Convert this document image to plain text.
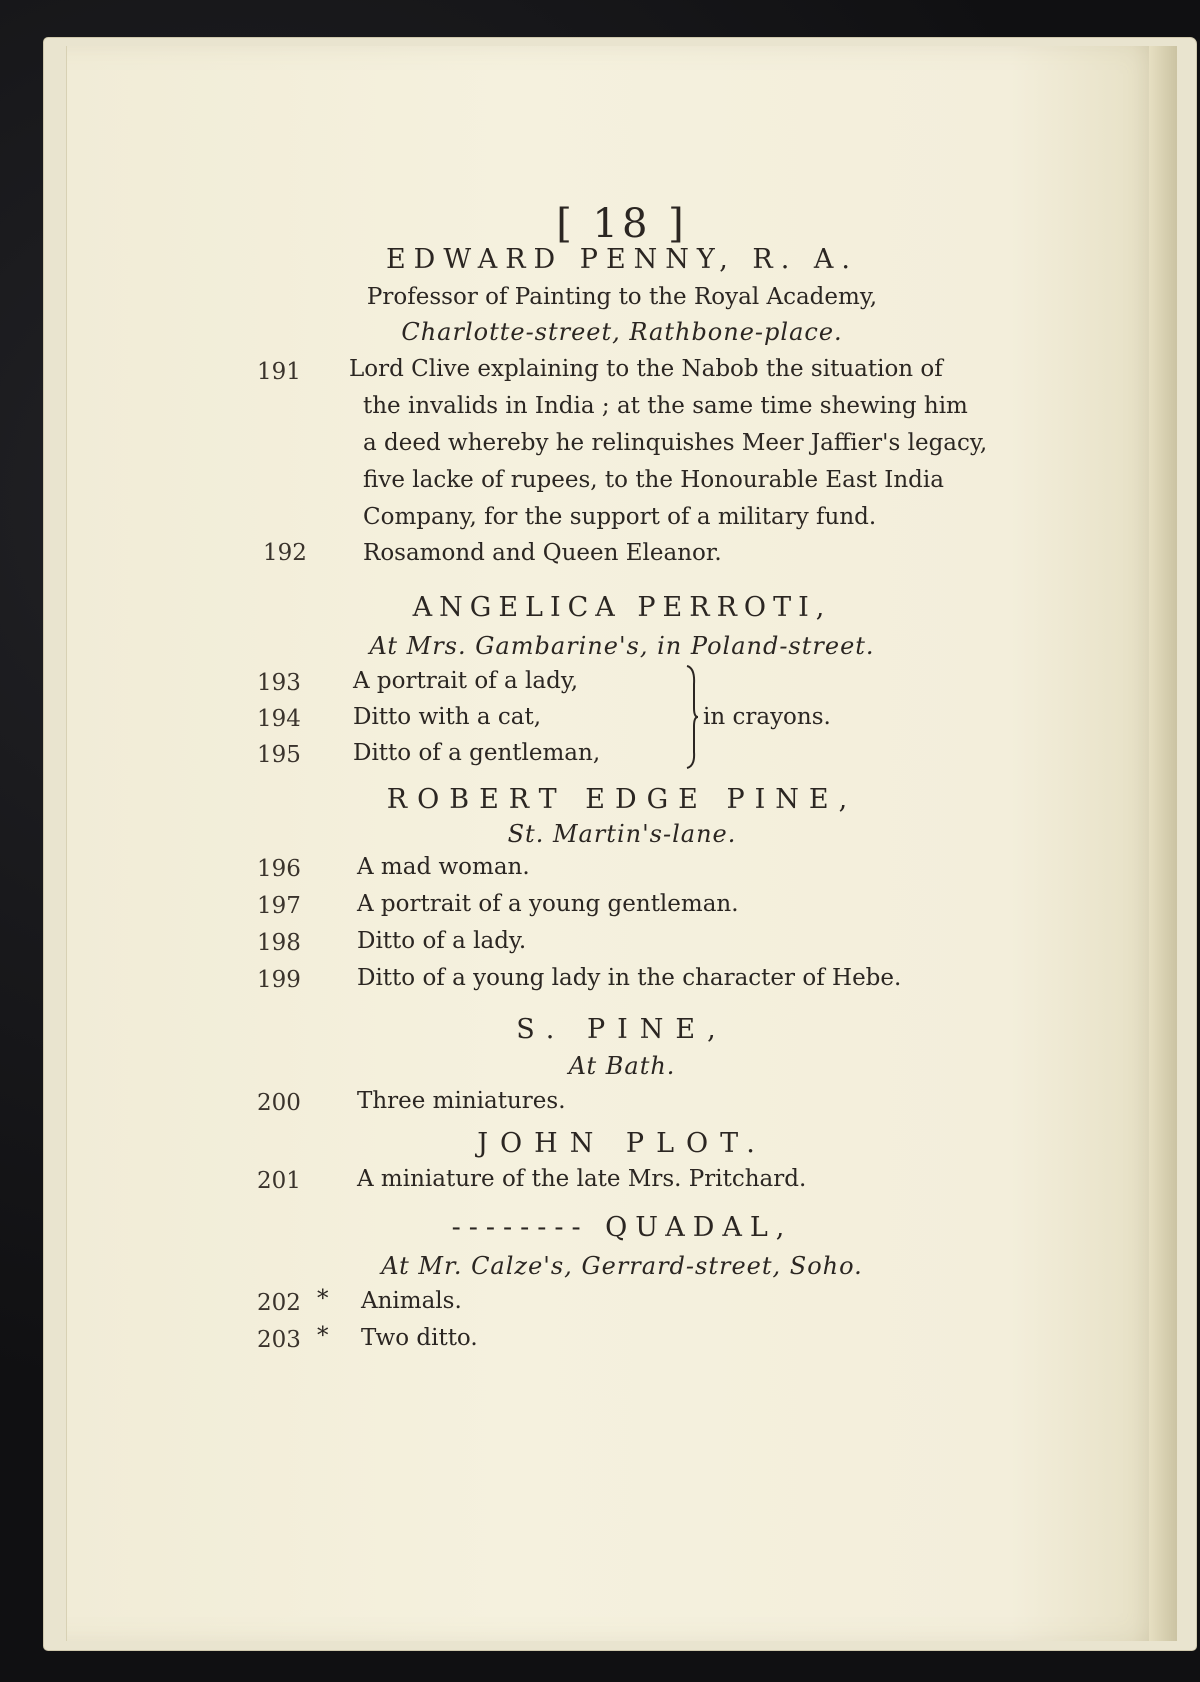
[ 18 ]
EDWARD PENNY, R. A.
Professor of Painting to the Royal Academy,
Charlotte-street, Rathbone-place.
191	Lord Clive explaining to the Nabob the situation of
the invalids in India ; at the same time shewing him
a deed whereby he relinquishes Meer Jaffier's legacy,
five lacke of rupees, to the Honourable East India
Company, for the support of a military fund.
192	Rosamond and Queen Eleanor.
ANGELICA PERROTI,
At Mrs. Gambarine's, in Poland-street.
193	A portrait of a lady,
194	Ditto with a cat,
195	Ditto of a gentleman,
in crayons.
ROBERT EDGE PINE,
St. Martin's-lane.
196	A mad woman.
197	A portrait of a young gentleman.
198	Ditto of a lady.
199	Ditto of a young lady in the character of Hebe.
S. PINE,
At Bath.
200	Three miniatures.
JOHN PLOT.
201	A miniature of the late Mrs. Pritchard.
-------- QUADAL,
At Mr. Calze's, Gerrard-street, Soho.
202 * Animals.
203 * Two ditto.
